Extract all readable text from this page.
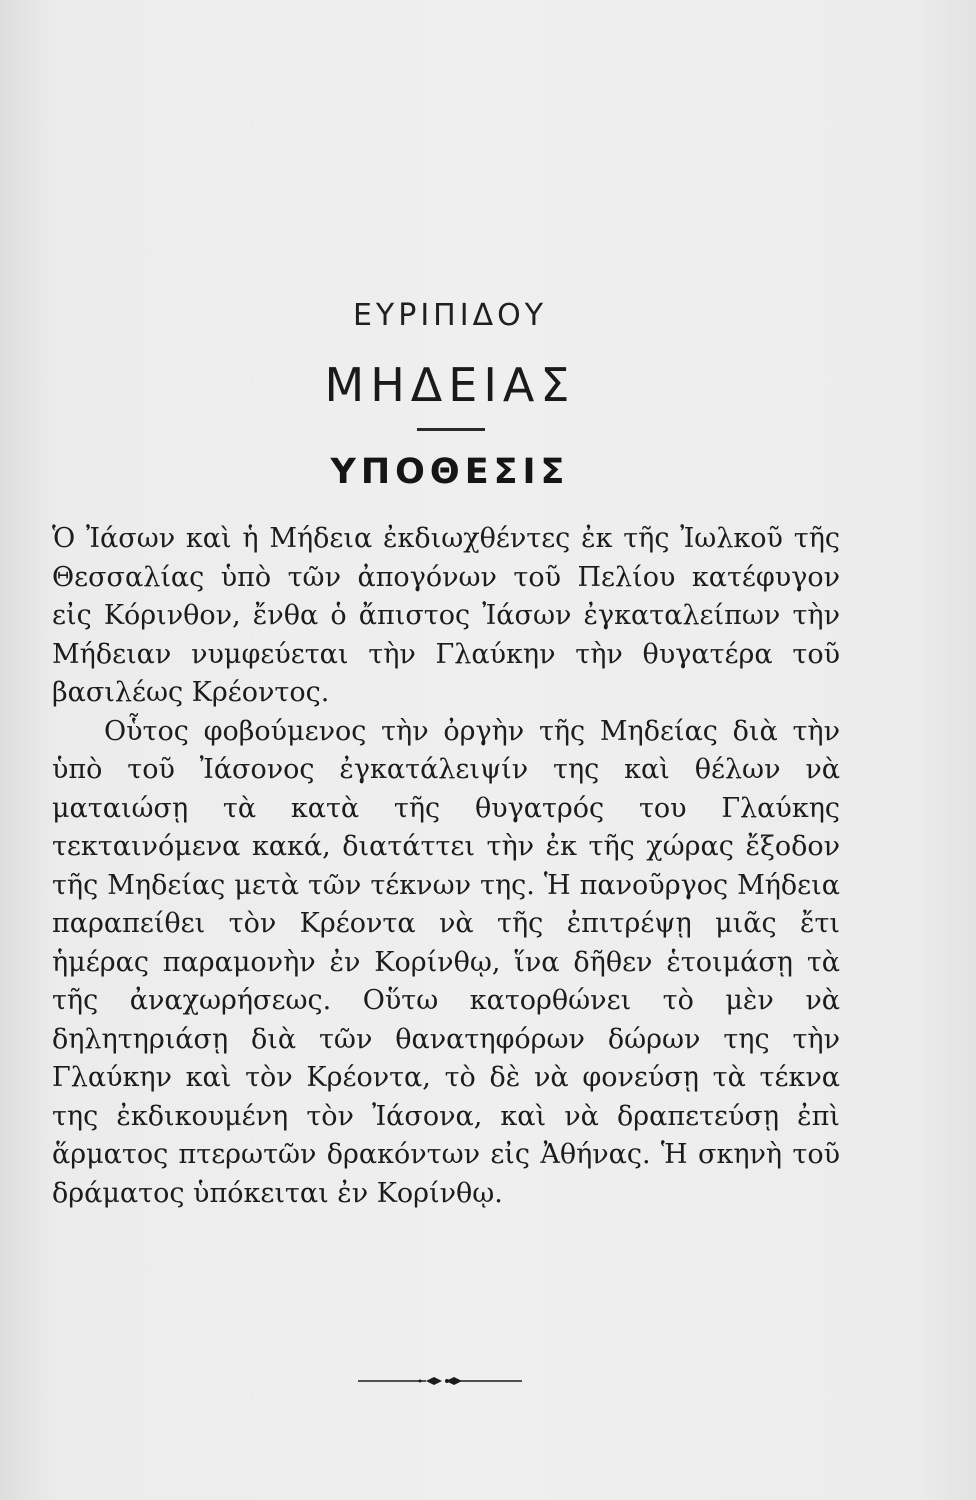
ΕΥΡΙΠΙΔΟΥ
ΜΗΔΕΙΑΣ
ΥΠΟΘΕΣΙΣ

Ὁ Ἰάσων καὶ ἡ Μήδεια ἐκδιωχθέντες ἐκ τῆς Ἰωλκοῦ τῆς Θεσσαλίας ὑπὸ τῶν ἀπογόνων τοῦ Πελίου κατέφυγον εἰς Κόρινθον, ἔνθα ὁ ἄπιστος Ἰάσων ἐγκαταλείπων τὴν Μήδειαν νυμφεύεται τὴν Γλαύκην τὴν θυγατέρα τοῦ βασιλέως Κρέοντος.

Οὗτος φοβούμενος τὴν ὀργὴν τῆς Μηδείας διὰ τὴν ὑπὸ τοῦ Ἰάσονος ἐγκατάλειψίν της καὶ θέλων νὰ ματαιώσῃ τὰ κατὰ τῆς θυγατρός του Γλαύκης τεκταινόμενα κακά, διατάττει τὴν ἐκ τῆς χώρας ἔξοδον τῆς Μηδείας μετὰ τῶν τέκνων της. Ἡ πανοῦργος Μήδεια παραπείθει τὸν Κρέοντα νὰ τῆς ἐπιτρέψῃ μιᾶς ἔτι ἡμέρας παραμονὴν ἐν Κορίνθῳ, ἵνα δῆθεν ἑτοιμάσῃ τὰ τῆς ἀναχωρήσεως. Οὕτω κατορθώνει τὸ μὲν νὰ δηλητηριάσῃ διὰ τῶν θανατηφόρων δώρων της τὴν Γλαύκην καὶ τὸν Κρέοντα, τὸ δὲ νὰ φονεύσῃ τὰ τέκνα της ἐκδικουμένη τὸν Ἰάσονα, καὶ νὰ δραπετεύσῃ ἐπὶ ἅρματος πτερωτῶν δρακόντων εἰς Ἀθήνας. Ἡ σκηνὴ τοῦ δράματος ὑπόκειται ἐν Κορίνθῳ.
